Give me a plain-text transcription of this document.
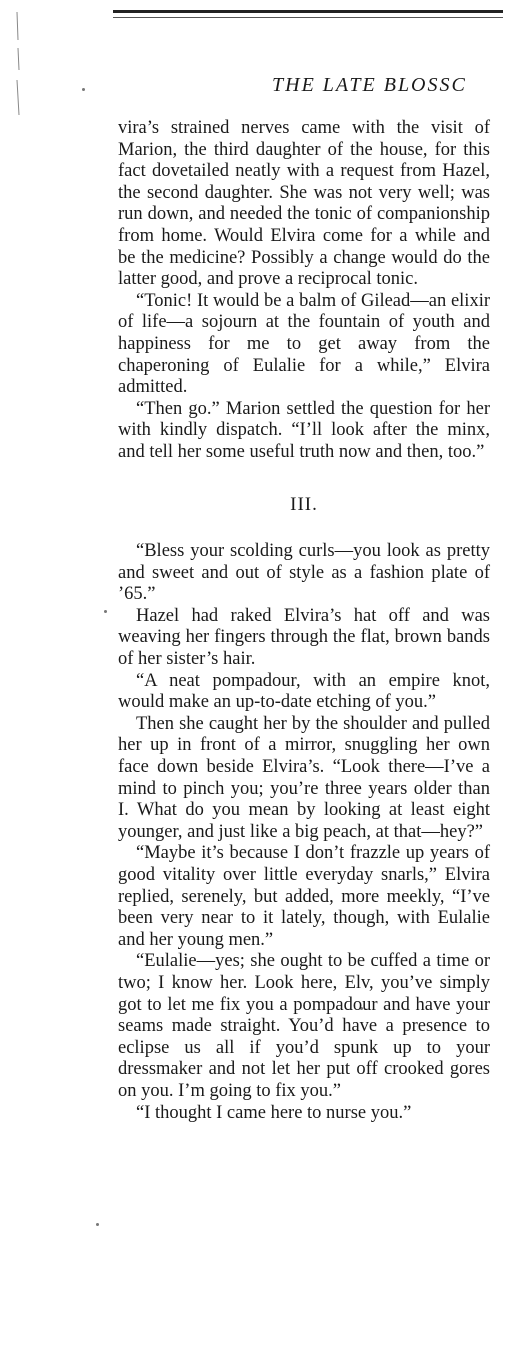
THE LATE BLOSSC

vira’s strained nerves came with the visit of Marion, the third daughter of the house, for this fact dovetailed neatly with a request from Hazel, the second daughter. She was not very well; was run down, and needed the tonic of companionship from home. Would Elvira come for a while and be the medicine? Possibly a change would do the latter good, and prove a reciprocal tonic.

“Tonic! It would be a balm of Gilead—an elixir of life—a sojourn at the fountain of youth and happiness for me to get away from the chaperoning of Eulalie for a while,” Elvira admitted.

“Then go.” Marion settled the question for her with kindly dispatch. “I’ll look after the minx, and tell her some useful truth now and then, too.”

III.

“Bless your scolding curls—you look as pretty and sweet and out of style as a fashion plate of ’65.”

Hazel had raked Elvira’s hat off and was weaving her fingers through the flat, brown bands of her sister’s hair.

“A neat pompadour, with an empire knot, would make an up-to-date etching of you.”

Then she caught her by the shoulder and pulled her up in front of a mirror, snuggling her own face down beside Elvira’s. “Look there—I’ve a mind to pinch you; you’re three years older than I. What do you mean by looking at least eight younger, and just like a big peach, at that—hey?”

“Maybe it’s because I don’t frazzle up years of good vitality over little everyday snarls,” Elvira replied, serenely, but added, more meekly, “I’ve been very near to it lately, though, with Eulalie and her young men.”

“Eulalie—yes; she ought to be cuffed a time or two; I know her. Look here, Elv, you’ve simply got to let me fix you a pompadour and have your seams made straight. You’d have a presence to eclipse us all if you’d spunk up to your dressmaker and not let her put off crooked gores on you. I’m going to fix you.”

“I thought I came here to nurse you.”
